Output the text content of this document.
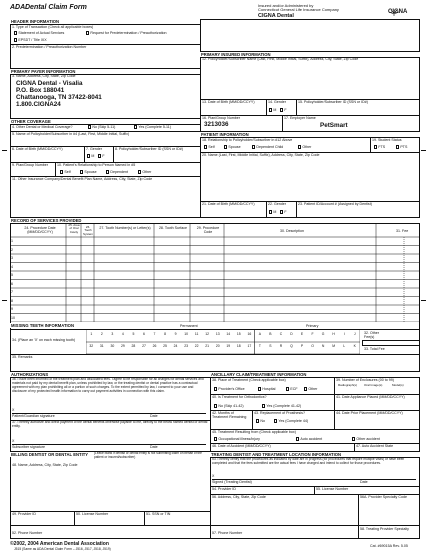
ADA Dental Claim Form	Insured and/or Administered by
Connecticut General Life Insurance Company
CIGNA Dental
CIGNA
HEADER INFORMATION
1. Type of Transaction (Check all applicable boxes)
Statement of Actual Services	Request for Predetermination / Preauthorization
EPSDT / Title XIX
2. Predetermination / Preauthorization Number
PRIMARY PAYER INFORMATION
3. Name, Address, City, State, Zip Code
CIGNA Dental - Visalia
P.O. Box 188041
Chattanooga, TN 37422-8041
1.800.CIGNA24
OTHER COVERAGE
4. Other Dental or Medical Coverage?	No (Skip 5-11)	Yes (Complete 5-11)
5. Name of Policyholder/Subscriber in #4 (Last, First, Middle Initial, Suffix)
6. Date of Birth (MM/DD/CCYY)	7. Gender	8. Policyholder/Subscriber ID (SSN or ID#)
M	F
9. Plan/Group Number	10. Patient's Relationship to Person Named in #5
Self	Spouse	Dependent	Other
11. Other Insurance Company/Dental Benefit Plan Name, Address, City, State, Zip Code
PRIMARY INSURED INFORMATION
12. Policyholder/Subscriber Name (Last, First, Middle Initial, Suffix), Address, City, State, Zip Code
13. Date of Birth (MM/DD/CCYY)	14. Gender	15. Policyholder/Subscriber ID (SSN or ID#)
M	F
16. Plan/Group Number	17. Employer Name
3213036	PetSmart
PATIENT INFORMATION
18. Relationship to Policyholder/Subscriber in #12 Above	19. Student Status
Self	Spouse	Dependent Child	Other	FTS	PTS
20. Name (Last, First, Middle Initial, Suffix), Address, City, State, Zip Code
21. Date of Birth (MM/DD/CCYY)	22. Gender	23. Patient ID/Account # (Assigned by Dentist)
M	F
RECORD OF SERVICES PROVIDED
24. Procedure Date (MM/DD/CCYY)
25. Area of Oral Cavity
26. Tooth System
27. Tooth Number(s) or Letter(s)	28. Tooth Surface	29. Procedure Code	30. Description	31. Fee
1
2
3
4
5
6
7
8
9
10
MISSING TEETH INFORMATION	Permanent	Primary
34. (Place an 'X' on each missing tooth)
1	2	3	4	5	6	7	8	9	10	11	12	13	14	15	16	A	B	C	D	E	F	G	H	I	J
32	31	30	29	28	27	26	25	24	23	22	21	20	19	18	17	T	S	R	Q	P	O	N	M	L	K
32. Other Fee(s)
33. Total Fee
35. Remarks
AUTHORIZATIONS
36. I have been informed of the treatment plan and associated fees. I agree to be responsible for all charges for dental services and materials not paid by my dental benefit plan, unless prohibited by law, or the treating dentist or dental practice has a contractual agreement with my plan prohibiting all or a portion of such charges. To the extent permitted by law, I consent to your use and disclosure of my protected health information to carry out payment activities in connection with this claim.
X
Patient/Guardian signature	Date
37. I hereby authorize and direct payment of the dental benefits otherwise payable to me, directly to the below named dentist or dental entity.
X
Subscriber signature	Date
BILLING DENTIST OR DENTAL ENTITY	(Leave blank if dentist or dental entity is not submitting claim on behalf of the patient or insured/subscriber)
48. Name, Address, City, State, Zip Code
49. Provider ID	50. License Number	51. SSN or TIN
52. Phone Number
ANCILLARY CLAIM/TREATMENT INFORMATION
38. Place of Treatment (Check applicable box)	39. Number of Enclosures (00 to 99)
Provider's Office	Hospital	ECF	Other
Radiograph(s) Oral Image(s)	Model(s)
40. Is Treatment for Orthodontics?	41. Date Appliance Placed (MM/DD/CCYY)
No (Skip 41-42)	Yes (Complete 41-42)
42. Months of Treatment Remaining
43. Replacement of Prosthesis?	44. Date Prior Placement (MM/DD/CCYY)
No	Yes (Complete 44)
45. Treatment Resulting from (Check applicable box)
Occupational illness/injury	Auto accident	Other accident
46. Date of Accident (MM/DD/CCYY)	47. Auto Accident State
TREATING DENTIST AND TREATMENT LOCATION INFORMATION
53. I hereby certify that the procedures as indicated by date are in progress (for procedures that require multiple visits) or have been completed and that the fees submitted are the actual fees I have charged and intend to collect for those procedures.
X
Signed (Treating Dentist)	Date
54. Provider ID	55. License Number
56. Address, City, State, Zip Code	56A. Provider Specialty Code
57. Phone Number
58. Treating Provider Specialty
©2002, 2004 American Dental Association
J515 (Same as ADA Dental Claim Form – J516, J517, J518, J519)
Cat. #69015A Rev. 5.05
